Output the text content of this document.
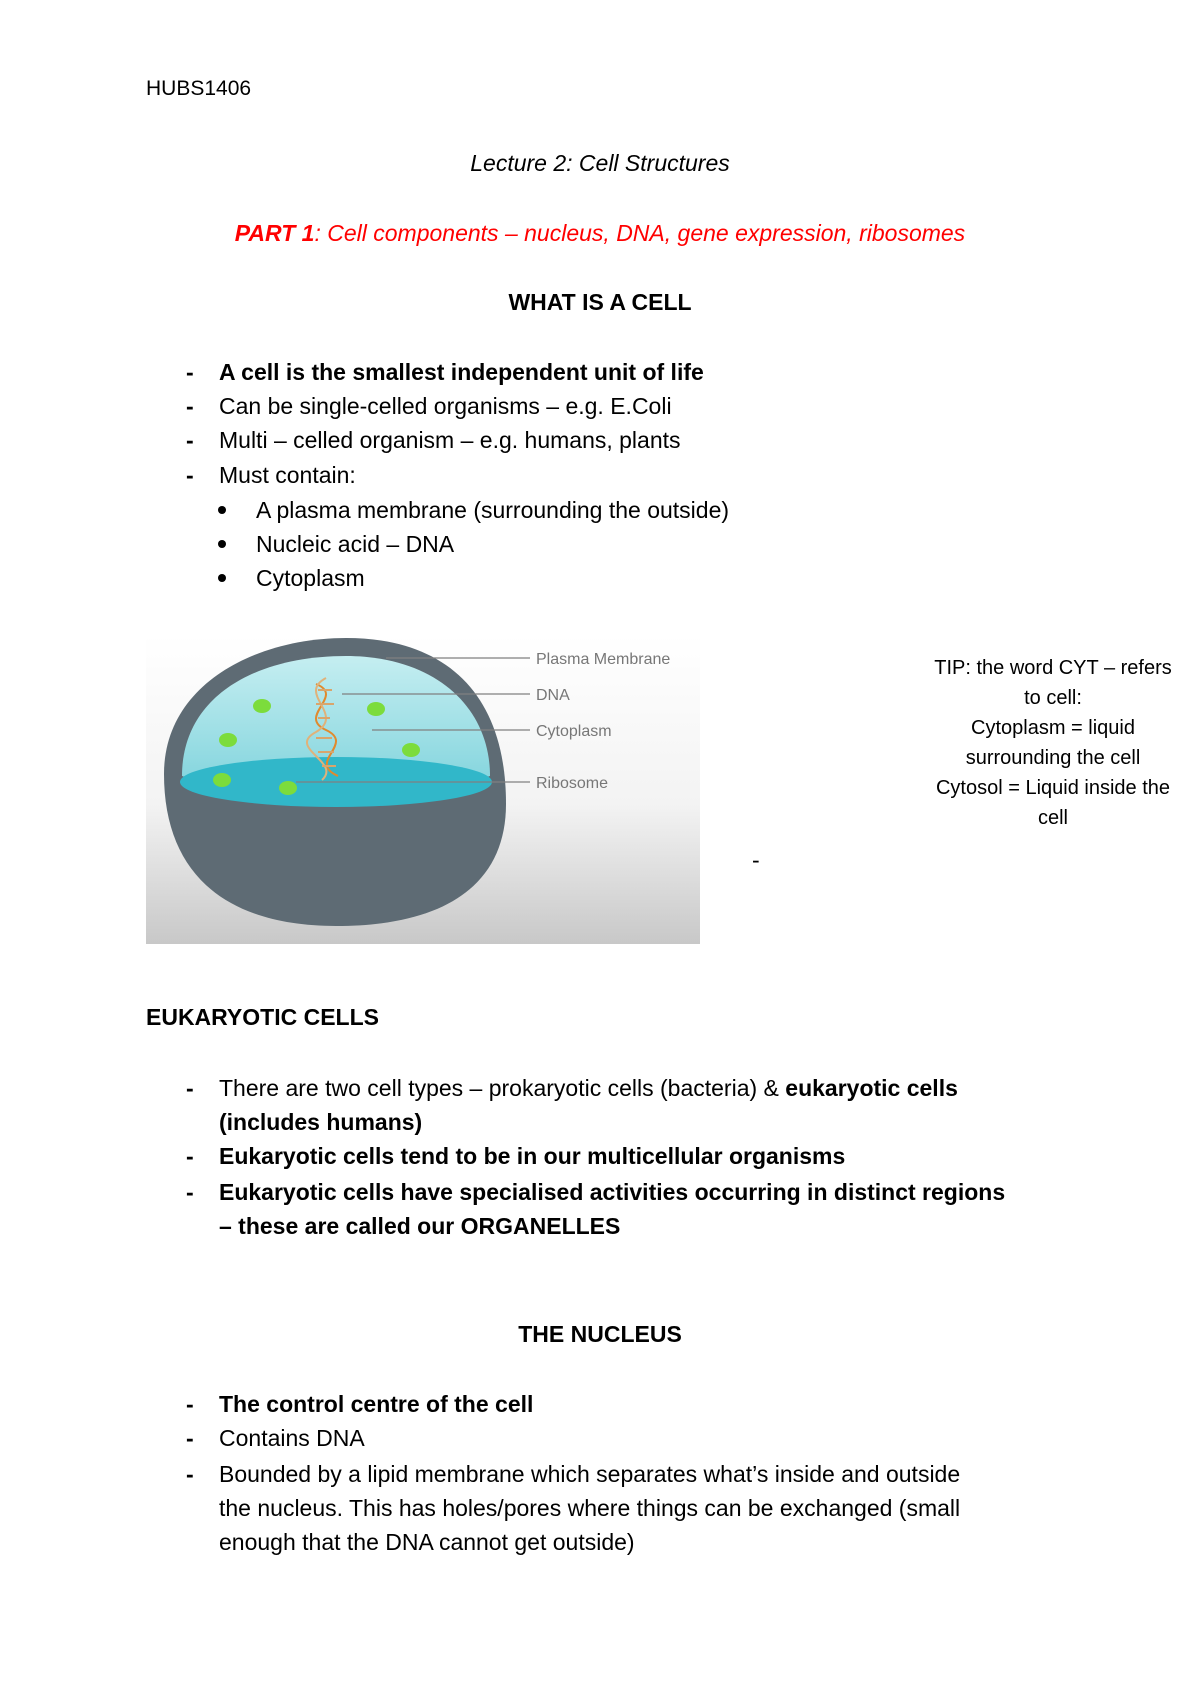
HUBS1406
Lecture 2: Cell Structures
PART 1: Cell components – nucleus, DNA, gene expression, ribosomes
WHAT IS A CELL
- A cell is the smallest independent unit of life
- Can be single-celled organisms – e.g. E.Coli
- Multi – celled organism – e.g. humans, plants
- Must contain:
A plasma membrane (surrounding the outside)
Nucleic acid – DNA
Cytoplasm
Plasma Membrane
DNA
Cytoplasm
Ribosome
TIP: the word CYT – refers
to cell:
Cytoplasm = liquid
surrounding the cell
Cytosol = Liquid inside the
cell
-
EUKARYOTIC CELLS
- There are two cell types – prokaryotic cells (bacteria) & eukaryotic cells
(includes humans)
- Eukaryotic cells tend to be in our multicellular organisms
- Eukaryotic cells have specialised activities occurring in distinct regions
– these are called our ORGANELLES
THE NUCLEUS
- The control centre of the cell
- Contains DNA
- Bounded by a lipid membrane which separates what’s inside and outside
the nucleus. This has holes/pores where things can be exchanged (small
enough that the DNA cannot get outside)
